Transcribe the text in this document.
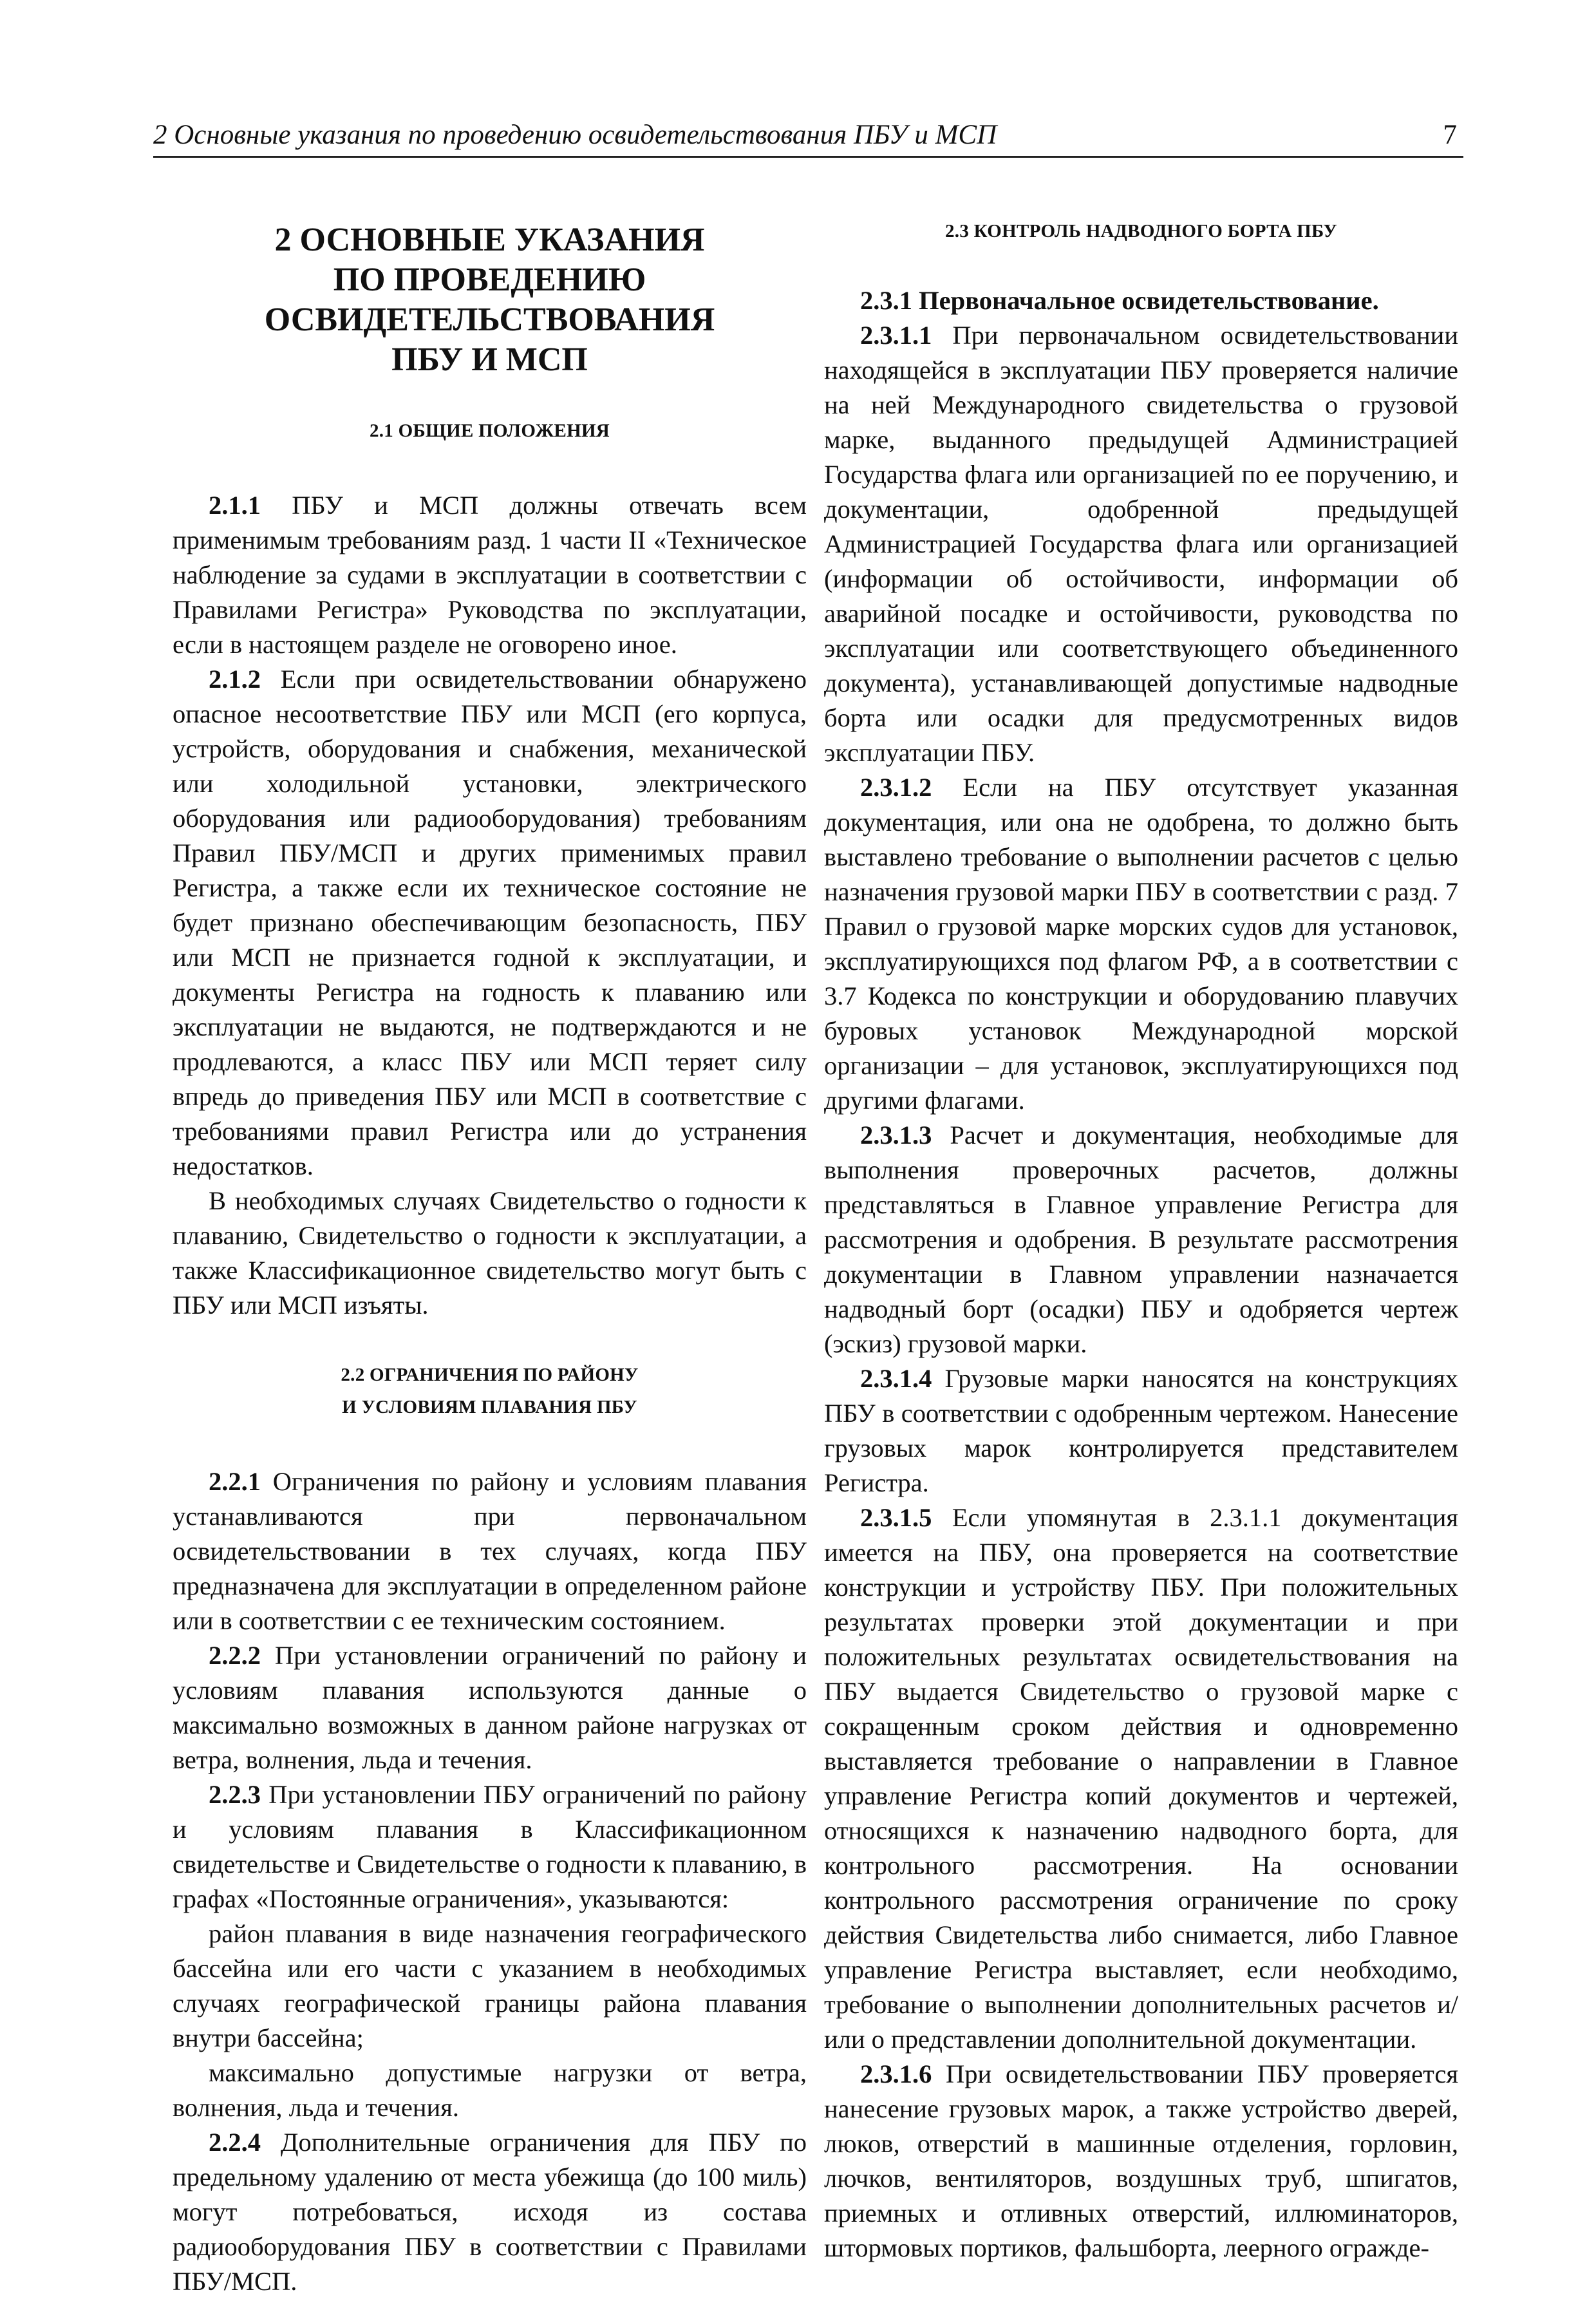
2 Основные указания по проведению освидетельствования ПБУ и МСП	7
2 ОСНОВНЫЕ УКАЗАНИЯ
ПО ПРОВЕДЕНИЮ
ОСВИДЕТЕЛЬСТВОВАНИЯ
ПБУ И МСП
2.1 ОБЩИЕ ПОЛОЖЕНИЯ

2.1.1 ПБУ и МСП должны отвечать всем применимым требованиям разд. 1 части II «Техническое наблюдение за судами в эксплуатации в соответствии с Правилами Регистра» Руководства по эксплуатации, если в настоящем разделе не оговорено иное.

2.1.2 Если при освидетельствовании обнаружено опасное несоответствие ПБУ или МСП (его корпуса, устройств, оборудования и снабжения, механической или холодильной установки, электрического оборудования или радиооборудования) требованиям Правил ПБУ/МСП и других применимых правил Регистра, а также если их техническое состояние не будет признано обеспечивающим безопасность, ПБУ или МСП не признается годной к эксплуатации, и документы Регистра на годность к плаванию или эксплуатации не выдаются, не подтверждаются и не продлеваются, а класс ПБУ или МСП теряет силу впредь до приведения ПБУ или МСП в соответствие с требованиями правил Регистра или до устранения недостатков.

В необходимых случаях Свидетельство о годности к плаванию, Свидетельство о годности к эксплуатации, а также Классификационное свидетельство могут быть с ПБУ или МСП изъяты.

2.2 ОГРАНИЧЕНИЯ ПО РАЙОНУ
И УСЛОВИЯМ ПЛАВАНИЯ ПБУ

2.2.1 Ограничения по району и условиям плавания устанавливаются при первоначальном освидетельствовании в тех случаях, когда ПБУ предназначена для эксплуатации в определенном районе или в соответствии с ее техническим состоянием.

2.2.2 При установлении ограничений по району и условиям плавания используются данные о максимально возможных в данном районе нагрузках от ветра, волнения, льда и течения.

2.2.3 При установлении ПБУ ограничений по району и условиям плавания в Классификационном свидетельстве и Свидетельстве о годности к плаванию, в графах «Постоянные ограничения», указываются:

район плавания в виде назначения географического бассейна или его части с указанием в необходимых случаях географической границы района плавания внутри бассейна;

максимально допустимые нагрузки от ветра, волнения, льда и течения.

2.2.4 Дополнительные ограничения для ПБУ по предельному удалению от места убежища (до 100 миль) могут потребоваться, исходя из состава радиооборудования ПБУ в соответствии с Правилами ПБУ/МСП.

2.3 КОНТРОЛЬ НАДВОДНОГО БОРТА ПБУ

2.3.1 Первоначальное освидетельствование.

2.3.1.1 При первоначальном освидетельствовании находящейся в эксплуатации ПБУ проверяется наличие на ней Международного свидетельства о грузовой марке, выданного предыдущей Администрацией Государства флага или организацией по ее поручению, и документации, одобренной предыдущей Администрацией Государства флага или организацией (информации об остойчивости, информации об аварийной посадке и остойчивости, руководства по эксплуатации или соответствующего объединенного документа), устанавливающей допустимые надводные борта или осадки для предусмотренных видов эксплуатации ПБУ.

2.3.1.2 Если на ПБУ отсутствует указанная документация, или она не одобрена, то должно быть выставлено требование о выполнении расчетов с целью назначения грузовой марки ПБУ в соответствии с разд. 7 Правил о грузовой марке морских судов для установок, эксплуатирующихся под флагом РФ, а в соответствии с 3.7 Кодекса по конструкции и оборудованию плавучих буровых установок Международной морской организации – для установок, эксплуатирующихся под другими флагами.

2.3.1.3 Расчет и документация, необходимые для выполнения проверочных расчетов, должны представляться в Главное управление Регистра для рассмотрения и одобрения. В результате рассмотрения документации в Главном управлении назначается надводный борт (осадки) ПБУ и одобряется чертеж (эскиз) грузовой марки.

2.3.1.4 Грузовые марки наносятся на конструкциях ПБУ в соответствии с одобренным чертежом. Нанесение грузовых марок контролируется представителем Регистра.

2.3.1.5 Если упомянутая в 2.3.1.1 документация имеется на ПБУ, она проверяется на соответствие конструкции и устройству ПБУ. При положительных результатах проверки этой документации и при положительных результатах освидетельствования на ПБУ выдается Свидетельство о грузовой марке с сокращенным сроком действия и одновременно выставляется требование о направлении в Главное управление Регистра копий документов и чертежей, относящихся к назначению надводного борта, для контрольного рассмотрения. На основании контрольного рассмотрения ограничение по сроку действия Свидетельства либо снимается, либо Главное управление Регистра выставляет, если необходимо, требование о выполнении дополнительных расчетов и/или о представлении дополнительной документации.

2.3.1.6 При освидетельствовании ПБУ проверяется нанесение грузовых марок, а также устройство дверей, люков, отверстий в машинные отделения, горловин, лючков, вентиляторов, воздушных труб, шпигатов, приемных и отливных отверстий, иллюминаторов, штормовых портиков, фальшборта, леерного огражде-
